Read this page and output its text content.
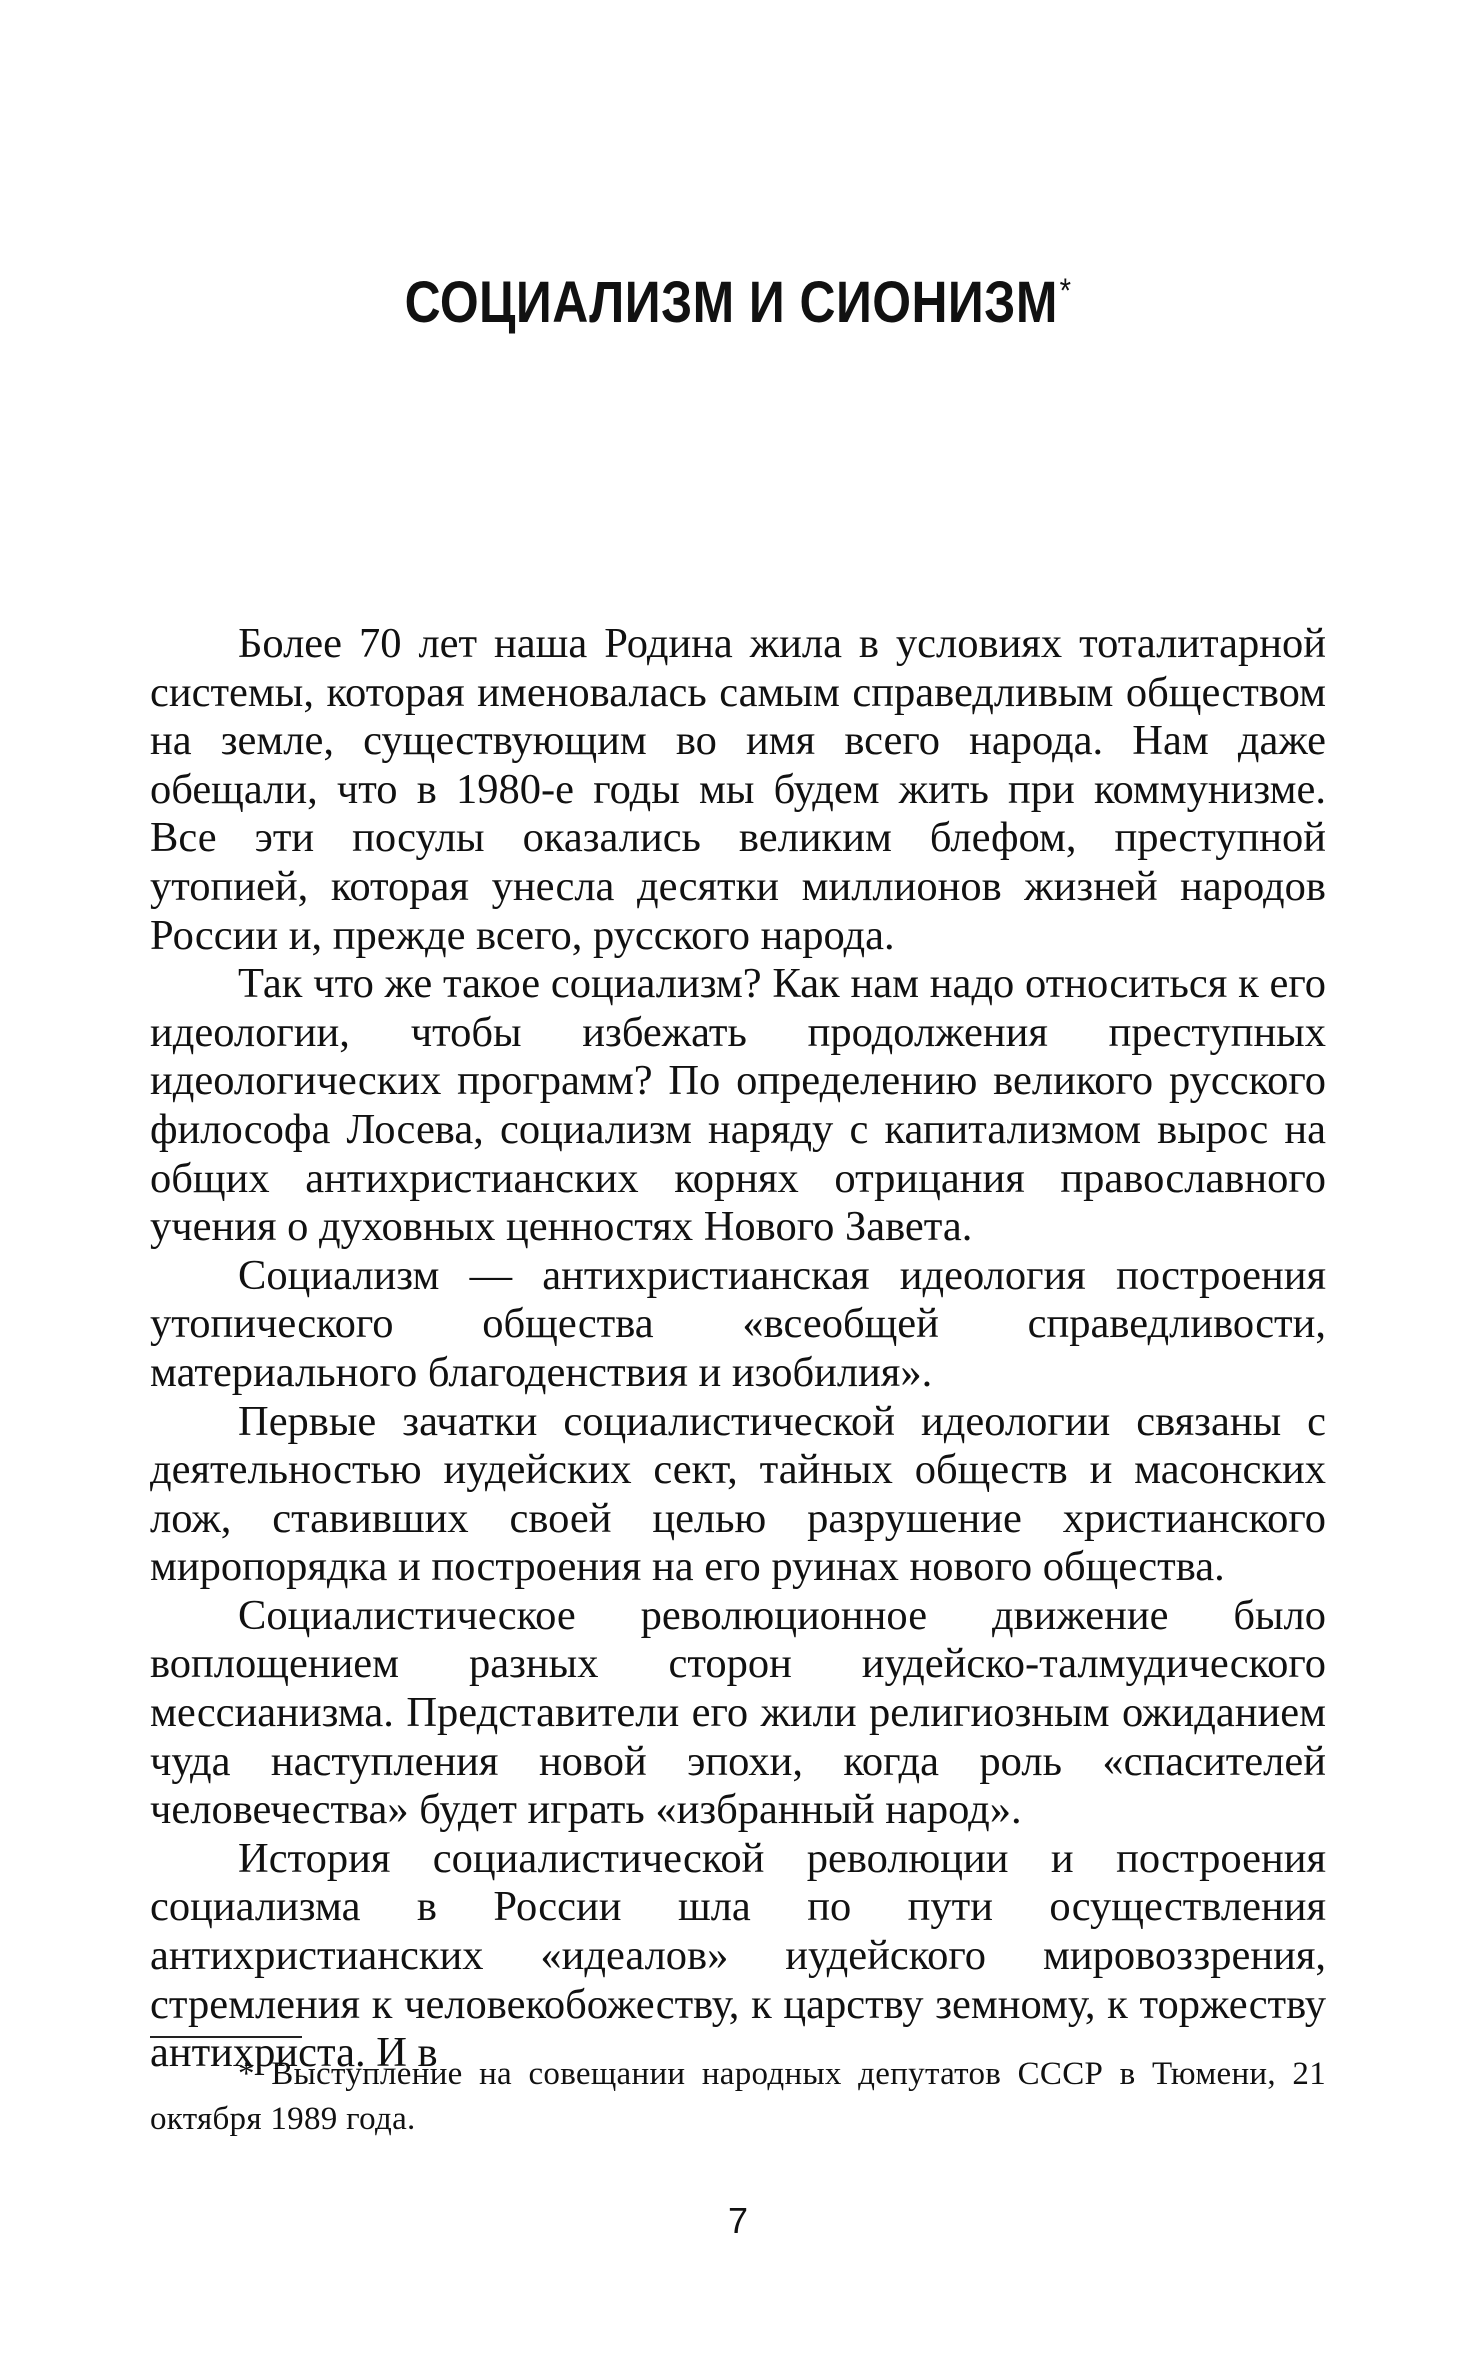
СОЦИАЛИЗМ И СИОНИЗМ*

Более 70 лет наша Родина жила в условиях тоталитарной системы, которая именовалась самым справедливым обществом на земле, существующим во имя всего народа. Нам даже обещали, что в 1980-е годы мы будем жить при коммунизме. Все эти посулы оказались великим блефом, преступной утопией, которая унесла десятки миллионов жизней народов России и, прежде всего, русского народа.

Так что же такое социализм? Как нам надо относиться к его идеологии, чтобы избежать продолжения преступных идеологических программ? По определению великого русского философа Лосева, социализм наряду с капитализмом вырос на общих антихристианских корнях отрицания православного учения о духовных ценностях Нового Завета.

Социализм — антихристианская идеология построения утопического общества «всеобщей справедливости, материального благоденствия и изобилия».

Первые зачатки социалистической идеологии связаны с деятельностью иудейских сект, тайных обществ и масонских лож, ставивших своей целью разрушение христианского миропорядка и построения на его руинах нового общества.

Социалистическое революционное движение было воплощением разных сторон иудейско-талмудического мессианизма. Представители его жили религиозным ожиданием чуда наступления новой эпохи, когда роль «спасителей человечества» будет играть «избранный народ».

История социалистической революции и построения социализма в России шла по пути осуществления антихристианских «идеалов» иудейского мировоззрения, стремления к человекобожеству, к царству земному, к торжеству антихриста. И в

* Выступление на совещании народных депутатов СССР в Тюмени, 21 октября 1989 года.

7
